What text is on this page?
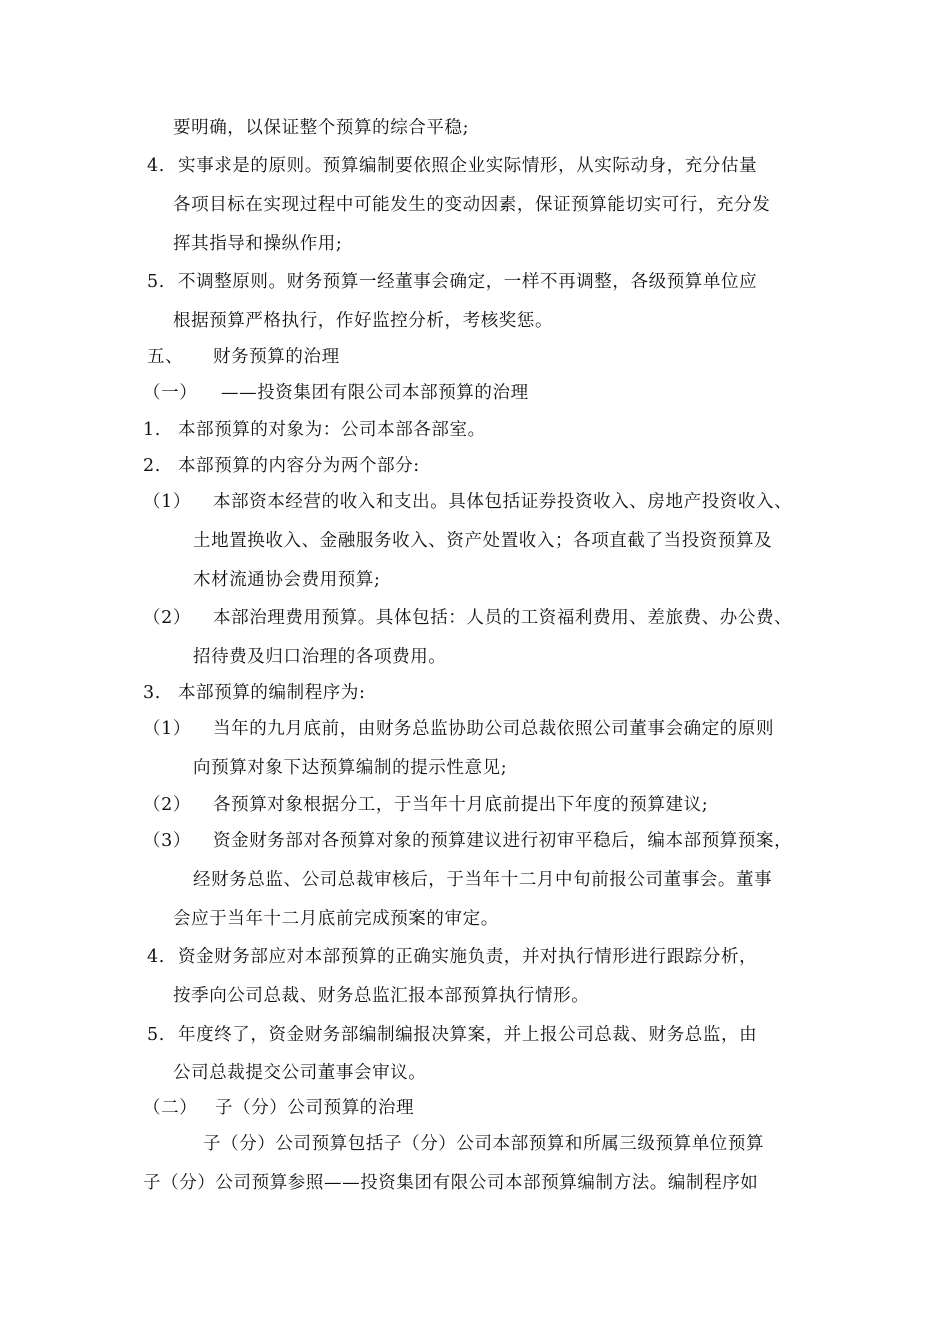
要明确，以保证整个预算的综合平稳;
4. 实事求是的原则。预算编制要依照企业实际情形，从实际动身，充分估量
各项目标在实现过程中可能发生的变动因素，保证预算能切实可行，充分发
挥其指导和操纵作用;
5. 不调整原则。财务预算一经董事会确定，一样不再调整，各级预算单位应
根据预算严格执行，作好监控分析，考核奖惩。
五、 财务预算的治理
（一） ——投资集团有限公司本部预算的治理
1. 本部预算的对象为：公司本部各部室。
2. 本部预算的内容分为两个部分:
（1） 本部资本经营的收入和支出。具体包括证券投资收入、房地产投资收入、
土地置换收入、金融服务收入、资产处置收入；各项直截了当投资预算及
木材流通协会费用预算;
（2） 本部治理费用预算。具体包括：人员的工资福利费用、差旅费、办公费、
招待费及归口治理的各项费用。
3. 本部预算的编制程序为:
（1） 当年的九月底前，由财务总监协助公司总裁依照公司董事会确定的原则
向预算对象下达预算编制的提示性意见;
（2） 各预算对象根据分工，于当年十月底前提出下年度的预算建议;
（3） 资金财务部对各预算对象的预算建议进行初审平稳后，编本部预算预案，
经财务总监、公司总裁审核后，于当年十二月中旬前报公司董事会。董事
会应于当年十二月底前完成预案的审定。
4. 资金财务部应对本部预算的正确实施负责，并对执行情形进行跟踪分析，
按季向公司总裁、财务总监汇报本部预算执行情形。
5. 年度终了，资金财务部编制编报决算案，并上报公司总裁、财务总监，由
公司总裁提交公司董事会审议。
（二） 子（分）公司预算的治理
子（分）公司预算包括子（分）公司本部预算和所属三级预算单位预算
子（分）公司预算参照——投资集团有限公司本部预算编制方法。编制程序如
